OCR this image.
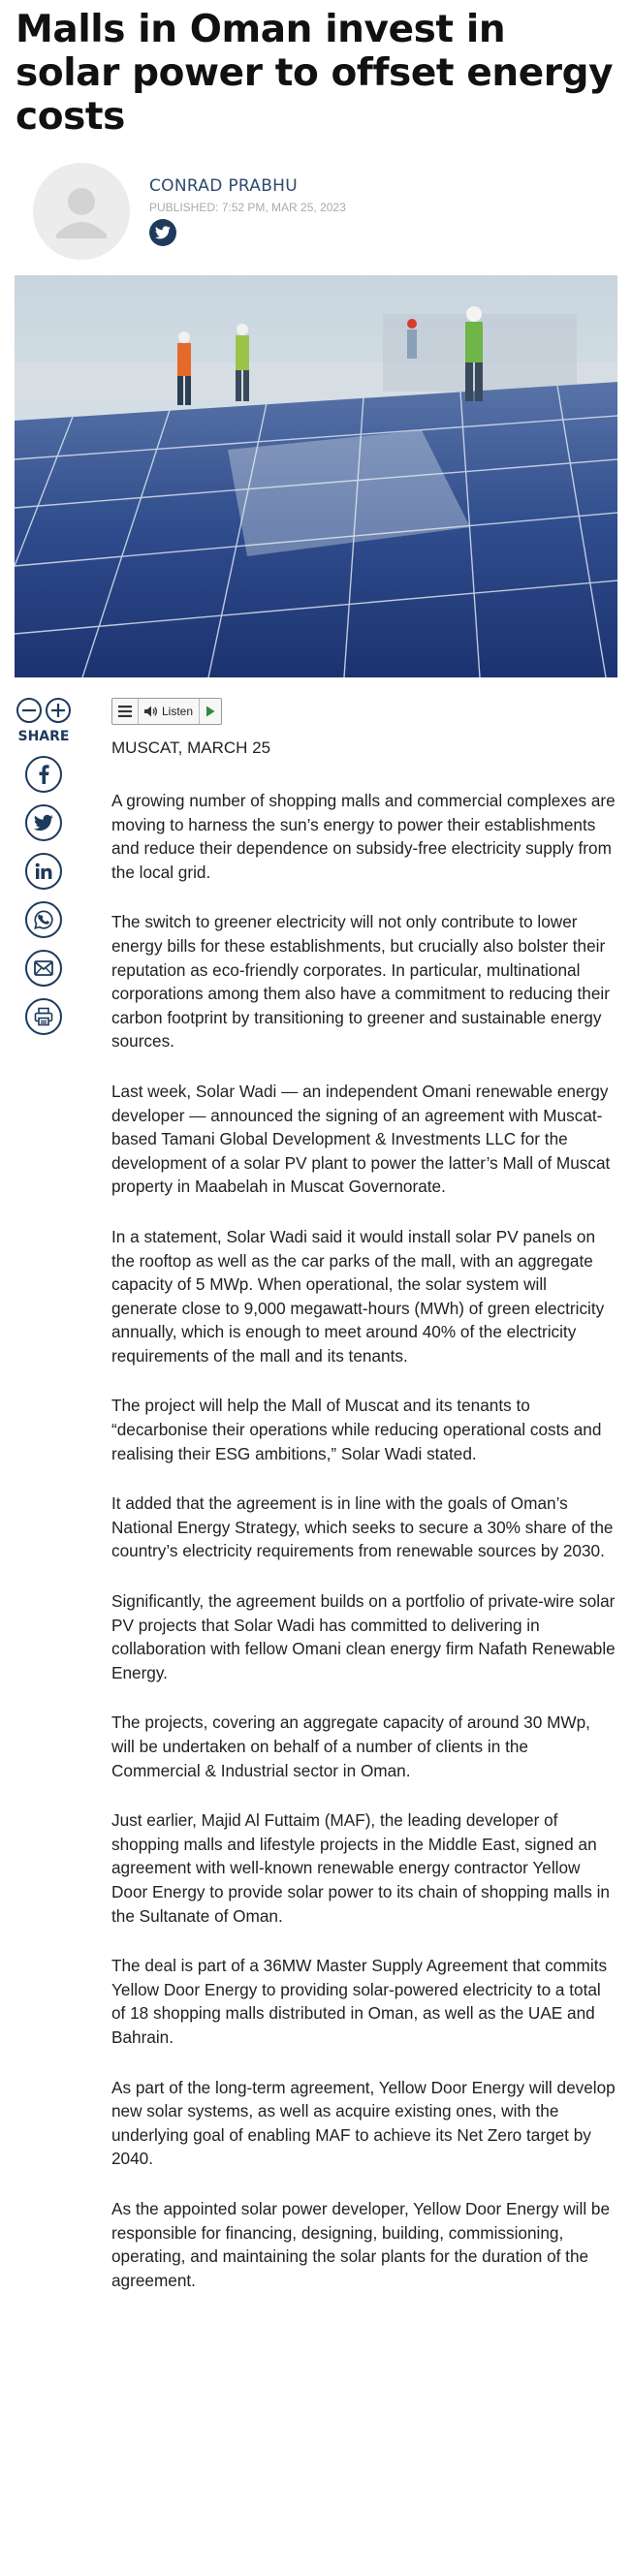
Malls in Oman invest in solar power to offset energy costs
CONRAD PRABHU
PUBLISHED: 7:52 PM, MAR 25, 2023
SHARE
Listen
MUSCAT, MARCH 25

A growing number of shopping malls and commercial complexes are moving to harness the sun’s energy to power their establishments and reduce their dependence on subsidy-free electricity supply from the local grid.

The switch to greener electricity will not only contribute to lower energy bills for these establishments, but crucially also bolster their reputation as eco-friendly corporates. In particular, multinational corporations among them also have a commitment to reducing their carbon footprint by transitioning to greener and sustainable energy sources.

Last week, Solar Wadi — an independent Omani renewable energy developer — announced the signing of an agreement with Muscat-based Tamani Global Development & Investments LLC for the development of a solar PV plant to power the latter’s Mall of Muscat property in Maabelah in Muscat Governorate.

In a statement, Solar Wadi said it would install solar PV panels on the rooftop as well as the car parks of the mall, with an aggregate capacity of 5 MWp. When operational, the solar system will generate close to 9,000 megawatt-hours (MWh) of green electricity annually, which is enough to meet around 40% of the electricity requirements of the mall and its tenants.

The project will help the Mall of Muscat and its tenants to “decarbonise their operations while reducing operational costs and realising their ESG ambitions,” Solar Wadi stated.

It added that the agreement is in line with the goals of Oman’s National Energy Strategy, which seeks to secure a 30% share of the country’s electricity requirements from renewable sources by 2030.

Significantly, the agreement builds on a portfolio of private-wire solar PV projects that Solar Wadi has committed to delivering in collaboration with fellow Omani clean energy firm Nafath Renewable Energy.

The projects, covering an aggregate capacity of around 30 MWp, will be undertaken on behalf of a number of clients in the Commercial & Industrial sector in Oman.

Just earlier, Majid Al Futtaim (MAF), the leading developer of shopping malls and lifestyle projects in the Middle East, signed an agreement with well-known renewable energy contractor Yellow Door Energy to provide solar power to its chain of shopping malls in the Sultanate of Oman.

The deal is part of a 36MW Master Supply Agreement that commits Yellow Door Energy to providing solar-powered electricity to a total of 18 shopping malls distributed in Oman, as well as the UAE and Bahrain.

As part of the long-term agreement, Yellow Door Energy will develop new solar systems, as well as acquire existing ones, with the underlying goal of enabling MAF to achieve its Net Zero target by 2040.

As the appointed solar power developer, Yellow Door Energy will be responsible for financing, designing, building, commissioning, operating, and maintaining the solar plants for the duration of the agreement.
